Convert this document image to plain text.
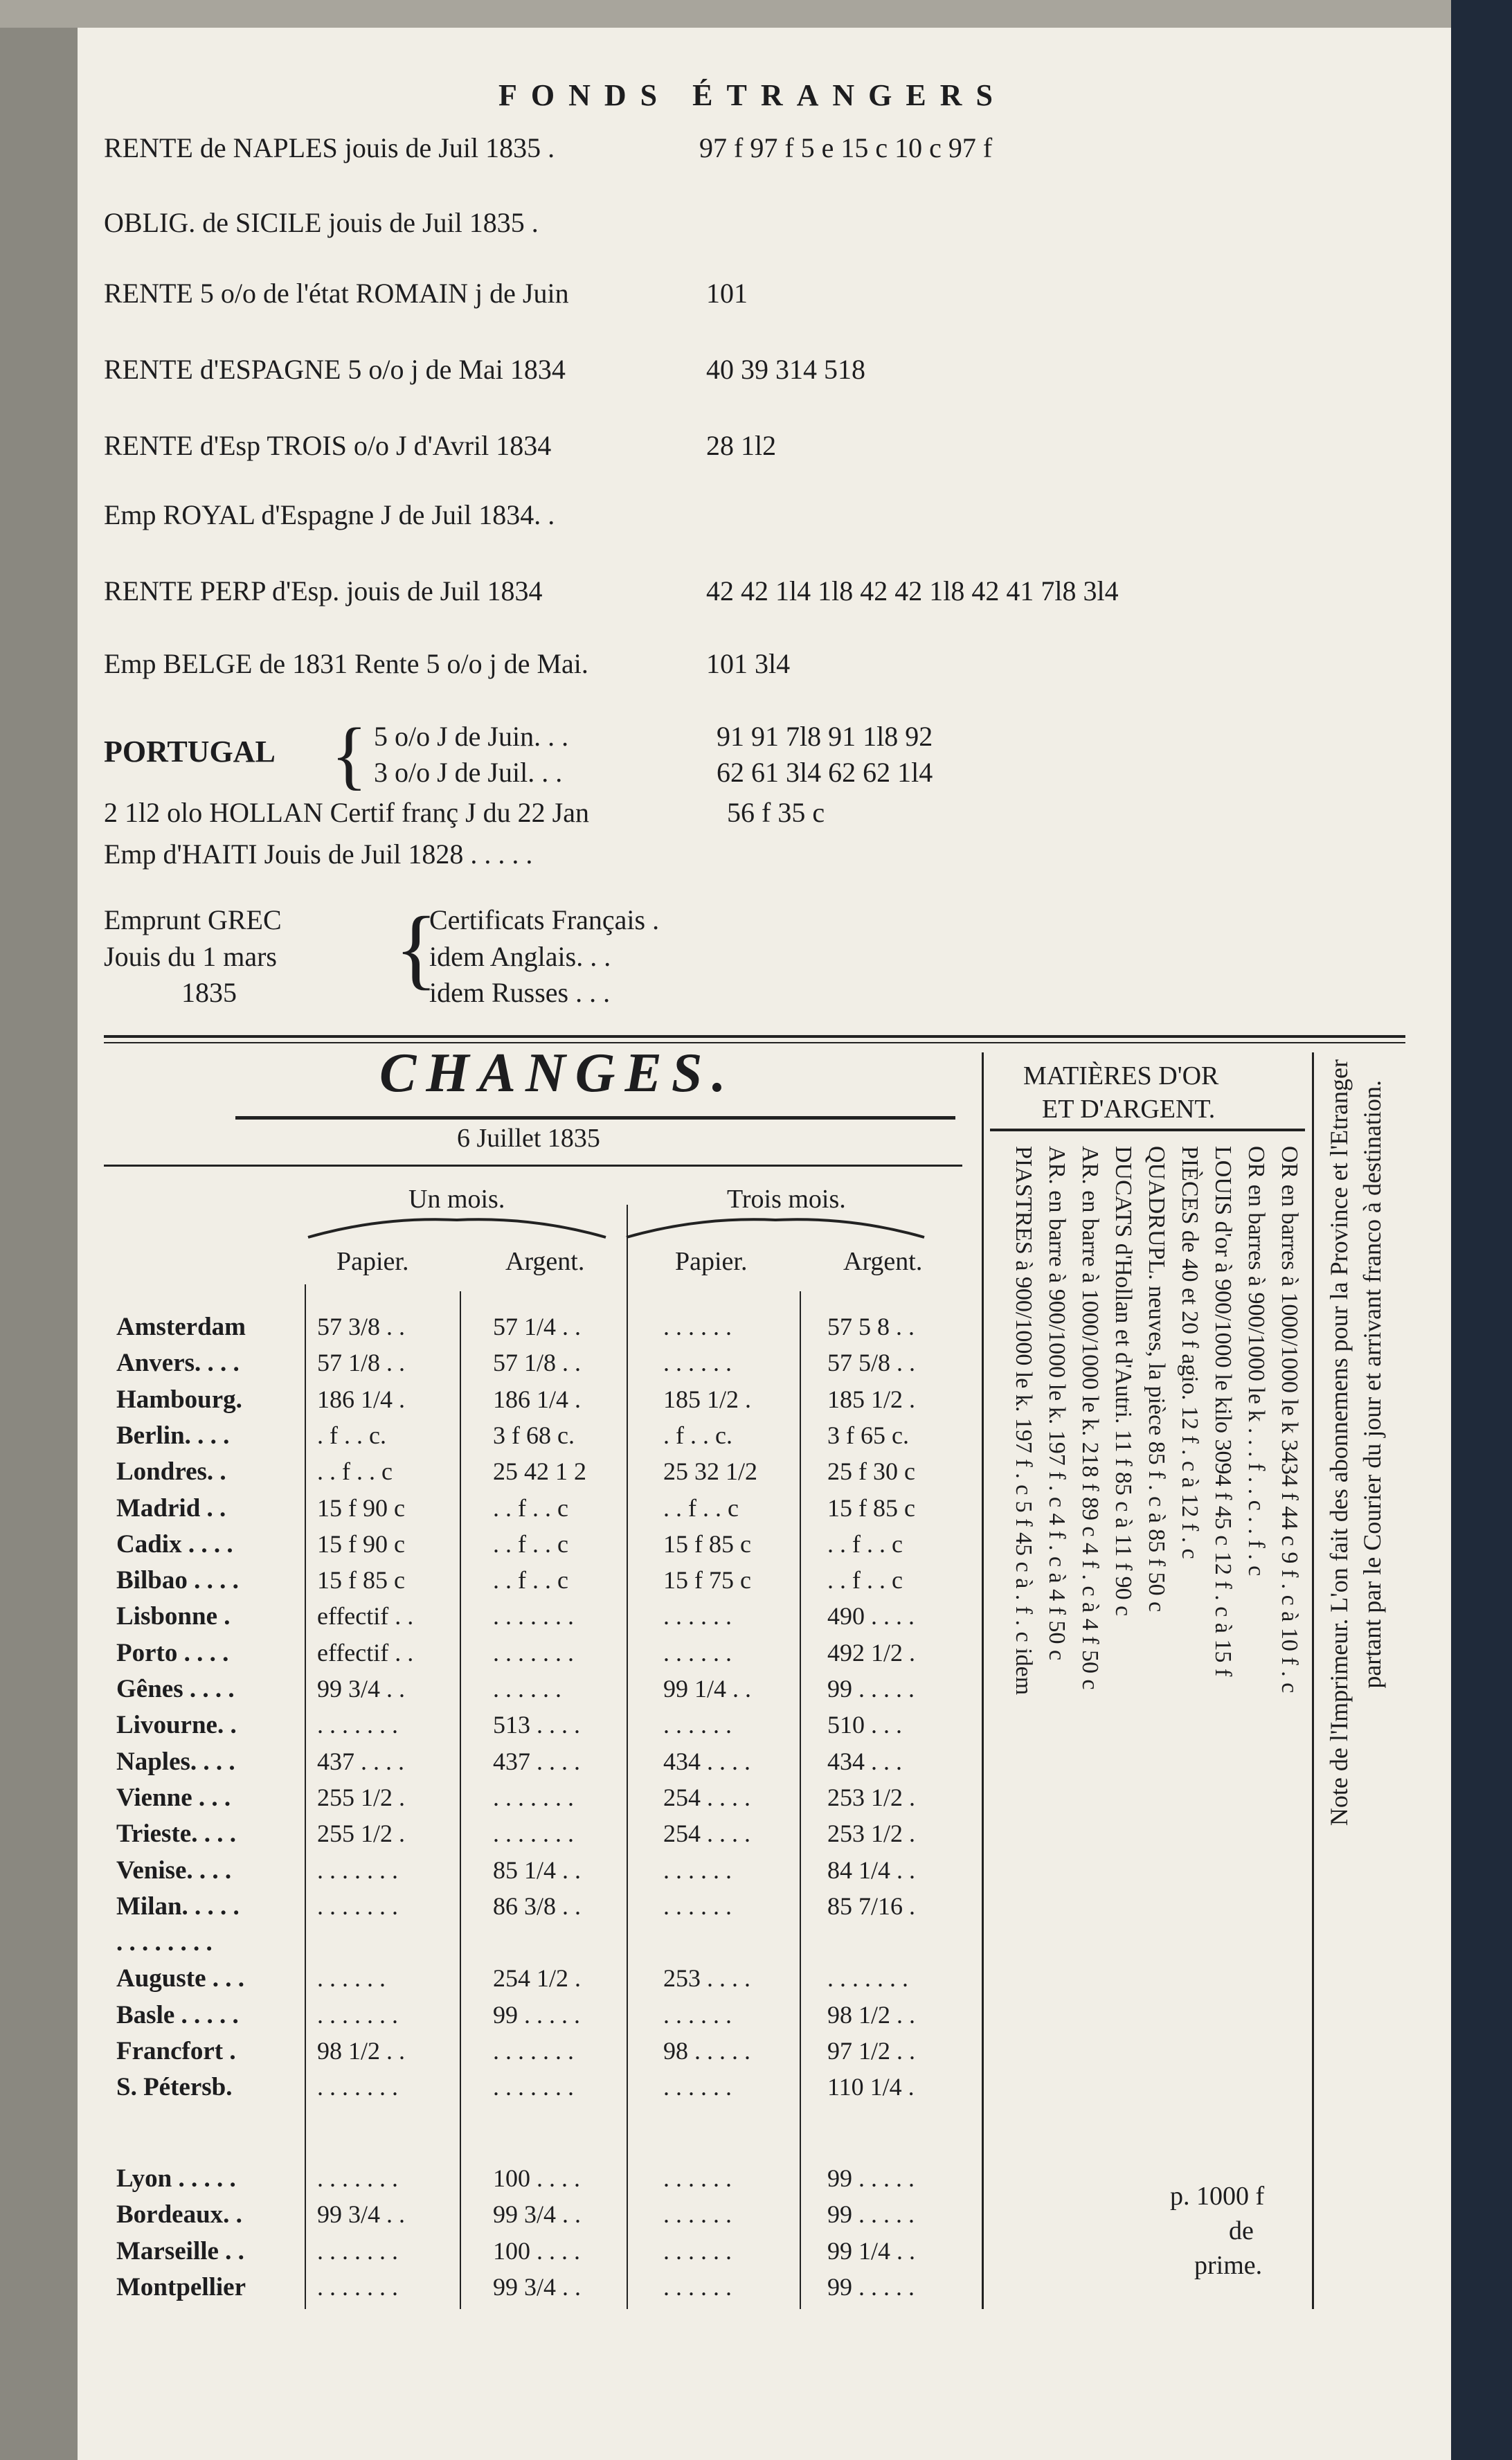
FONDS ÉTRANGERS
RENTE de NAPLES jouis de Juil 1835 .	97 f 97 f 5 e 15 c 10 c 97 f
OBLIG. de SICILE jouis de Juil 1835 .
RENTE 5 o/o de l'état ROMAIN j de Juin	101
RENTE d'ESPAGNE 5 o/o j de Mai 1834	40 39 314 518
RENTE d'Esp TROIS o/o J d'Avril 1834	28 1l2
Emp ROYAL d'Espagne J de Juil 1834. .
RENTE PERP d'Esp. jouis de Juil 1834	42 42 1l4 1l8 42 42 1l8 42 41 7l8 3l4
Emp BELGE de 1831 Rente 5 o/o j de Mai.	101 3l4
PORTUGAL { 5 o/o J de Juin. . .	91 91 7l8 91 1l8 92
3 o/o J de Juil. . .	62 61 3l4 62 62 1l4
2 1l2 olo HOLLAN Certif franç J du 22 Jan	56 f 35 c
Emp d'HAITI Jouis de Juil 1828 . . . . .
Emprunt GREC
Jouis du 1 mars
1835 {
Certificats Français .
idem Anglais. . .
idem Russes . . .
CHANGES.
6 Juillet 1835
Un mois.	Trois mois.
Papier.	Argent.	Papier.	Argent.
Amsterdam	57 3/8 . .	57 1/4 . .	. . . . . .	57 5 8 . .
Anvers. . . .	57 1/8 . .	57 1/8 . .	. . . . . .	57 5/8 . .
Hambourg.	186 1/4 .	186 1/4 .	185 1/2 .	185 1/2 .
Berlin. . . .	. f . . c.	3 f 68 c.	. f . . c.	3 f 65 c.
Londres. .	. . f . . c	25 42 1 2	25 32 1/2	25 f 30 c
Madrid . .	15 f 90 c	. . f . . c	. . f . . c	15 f 85 c
Cadix . . . .	15 f 90 c	. . f . . c	15 f 85 c	. . f . . c
Bilbao . . . .	15 f 85 c	. . f . . c	15 f 75 c	. . f . . c
Lisbonne .	effectif . .	. . . . . . .	. . . . . .	490 . . . .
Porto . . . .	effectif . .	. . . . . . .	. . . . . .	492 1/2 .
Gênes . . . .	99 3/4 . .	. . . . . .	99 1/4 . .	99 . . . . .
Livourne. .	. . . . . . .	513 . . . .	. . . . . .	510 . . .
Naples. . . .	437 . . . .	437 . . . .	434 . . . .	434 . . .
Vienne . . .	255 1/2 .	. . . . . . .	254 . . . .	253 1/2 .
Trieste. . . .	255 1/2 .	. . . . . . .	254 . . . .	253 1/2 .
Venise. . . .	. . . . . . .	85 1/4 . .	. . . . . .	84 1/4 . .
Milan. . . . .	. . . . . . .	86 3/8 . .	. . . . . .	85 7/16 .
. . . . . . . .
Auguste . . .	. . . . . .	254 1/2 .	253 . . . .	. . . . . . .
Basle . . . . .	. . . . . . .	99 . . . . .	. . . . . .	98 1/2 . .
Francfort .	98 1/2 . .	. . . . . . .	98 . . . . .	97 1/2 . .
S. Pétersb.	. . . . . . .	. . . . . . .	. . . . . .	110 1/4 .
Lyon . . . . .	. . . . . . .	100 . . . .	. . . . . .	99 . . . . .
Bordeaux. .	99 3/4 . .	99 3/4 . .	. . . . . .	99 . . . . .
Marseille . .	. . . . . . .	100 . . . .	. . . . . .	99 1/4 . .
Montpellier	. . . . . . .	99 3/4 . .	. . . . . .	99 . . . . .
MATIÈRES D'OR
ET D'ARGENT.
OR en barres à 1000/1000 le k 3434 f 44 c 9 f . c à 10 f . c
OR en barres à 900/1000 le k . . . f . . c . . f . c
LOUIS d'or à 900/1000 le kilo 3094 f 45 c 12 f . c à 15 f
PIÈCES de 40 et 20 f agio. 12 f . c à 12 f . c
QUADRUPL. neuves, la pièce 85 f . c à 85 f 50 c
DUCATS d'Hollan et d'Autri. 11 f 85 c à 11 f 90 c
AR. en barre à 1000/1000 le k. 218 f 89 c 4 f . c à 4 f 50 c
AR. en barre à 900/1000 le k. 197 f . c 4 f . c à 4 f 50 c
PIASTRES à 900/1000 le k. 197 f . c 5 f 45 c à . f . c idem
p. 1000 f
de
prime.
Note de l'Imprimeur. L'on fait des abonnemens pour la Province et l'Etranger partant par le Courier du jour et arrivant franco à destination.
